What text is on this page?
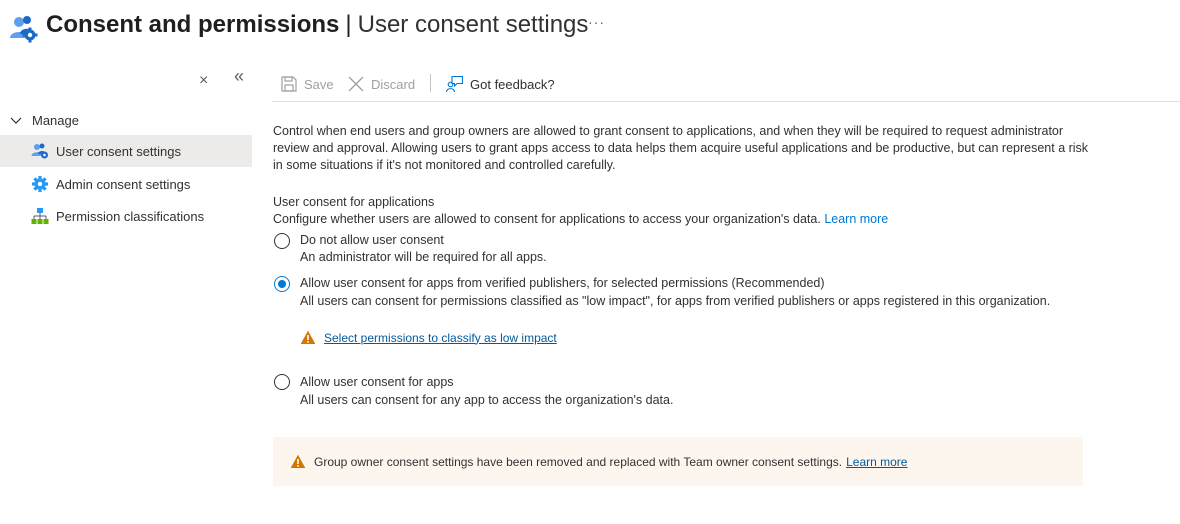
Consent and permissions | User consent settings ···
× «
Manage
User consent settings
Admin consent settings
Permission classifications
Save	Discard	Got feedback?
Control when end users and group owners are allowed to grant consent to applications, and when they will be required to request administrator review and approval. Allowing users to grant apps access to data helps them acquire useful applications and be productive, but can represent a risk in some situations if it's not monitored and controlled carefully.
User consent for applications
Configure whether users are allowed to consent for applications to access your organization's data. Learn more
Do not allow user consent
An administrator will be required for all apps.
Allow user consent for apps from verified publishers, for selected permissions (Recommended)
All users can consent for permissions classified as "low impact", for apps from verified publishers or apps registered in this organization.
Select permissions to classify as low impact
Allow user consent for apps
All users can consent for any app to access the organization's data.
Group owner consent settings have been removed and replaced with Team owner consent settings. Learn more
